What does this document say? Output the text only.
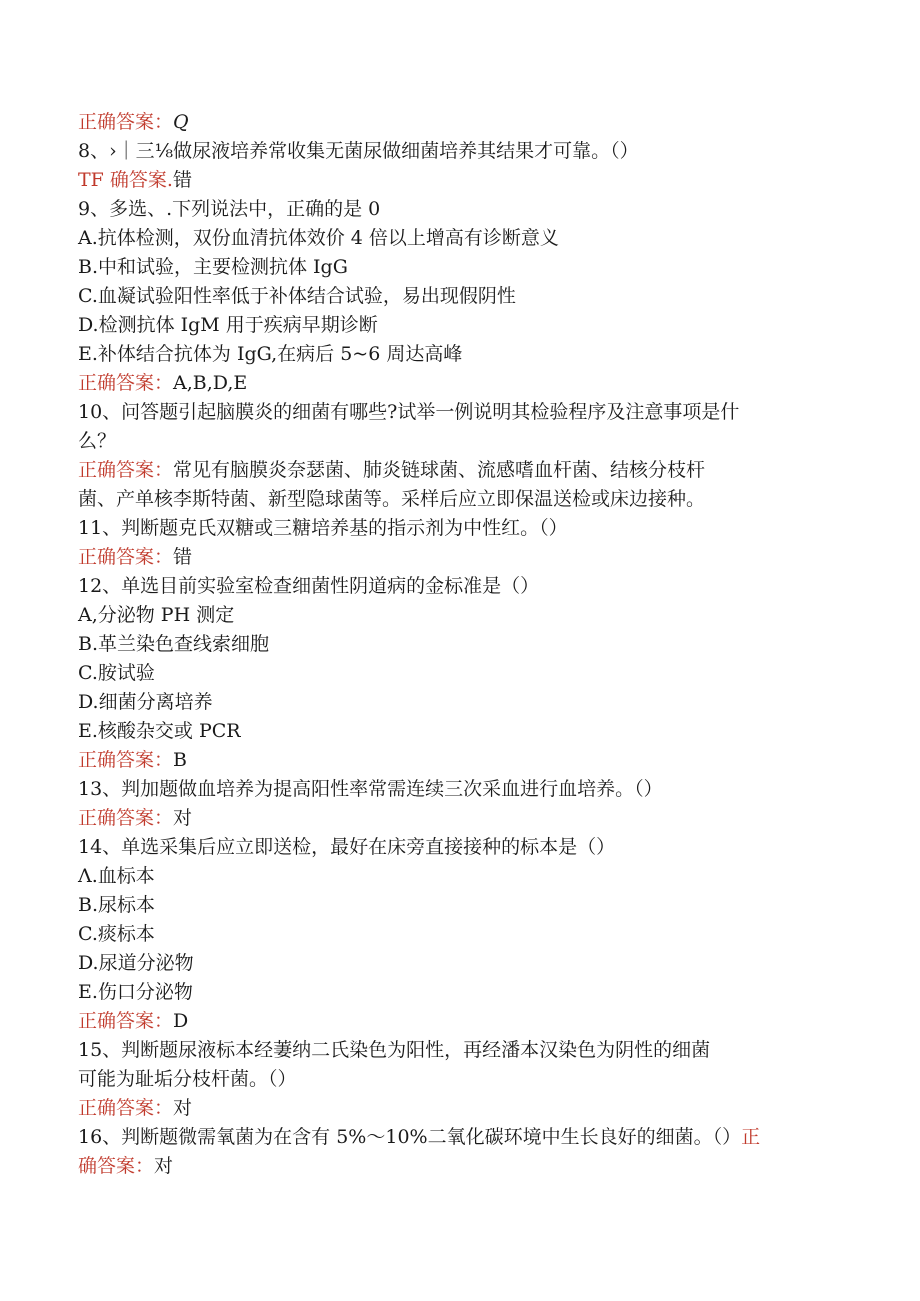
正确答案：Q
8、›｜三⅛做尿液培养常收集无菌尿做细菌培养其结果才可靠。（）
TF 确答案.错
9、多选、.下列说法中，正确的是 0
A.抗体检测，双份血清抗体效价 4 倍以上增高有诊断意义
B.中和试验，主要检测抗体 IgG
C.血凝试验阳性率低于补体结合试验，易出现假阴性
D.检测抗体 IgM 用于疾病早期诊断
E.补体结合抗体为 IgG,在病后 5~6 周达高峰
正确答案：A,B,D,E
10、问答题引起脑膜炎的细菌有哪些?试举一例说明其检验程序及注意事项是什
么？
正确答案：常见有脑膜炎奈瑟菌、肺炎链球菌、流感嗜血杆菌、结核分枝杆
菌、产单核李斯特菌、新型隐球菌等。采样后应立即保温送检或床边接种。
11、判断题克氏双糖或三糖培养基的指示剂为中性红。（）
正确答案：错
12、单选目前实验室检查细菌性阴道病的金标准是（）
A,分泌物 PH 测定
B.革兰染色查线索细胞
C.胺试验
D.细菌分离培养
E.核酸杂交或 PCR
正确答案：B
13、判加题做血培养为提高阳性率常需连续三次采血进行血培养。（）
正确答案：对
14、单选采集后应立即送检，最好在床旁直接接种的标本是（）
Λ.血标本
B.尿标本
C.痰标本
D.尿道分泌物
E.伤口分泌物
正确答案：D
15、判断题尿液标本经萋纳二氏染色为阳性，再经潘本汉染色为阴性的细菌
可能为耻垢分枝杆菌。（）
正确答案：对
16、判断题微需氧菌为在含有 5%～10%二氧化碳环境中生长良好的细菌。（）正
确答案：对
